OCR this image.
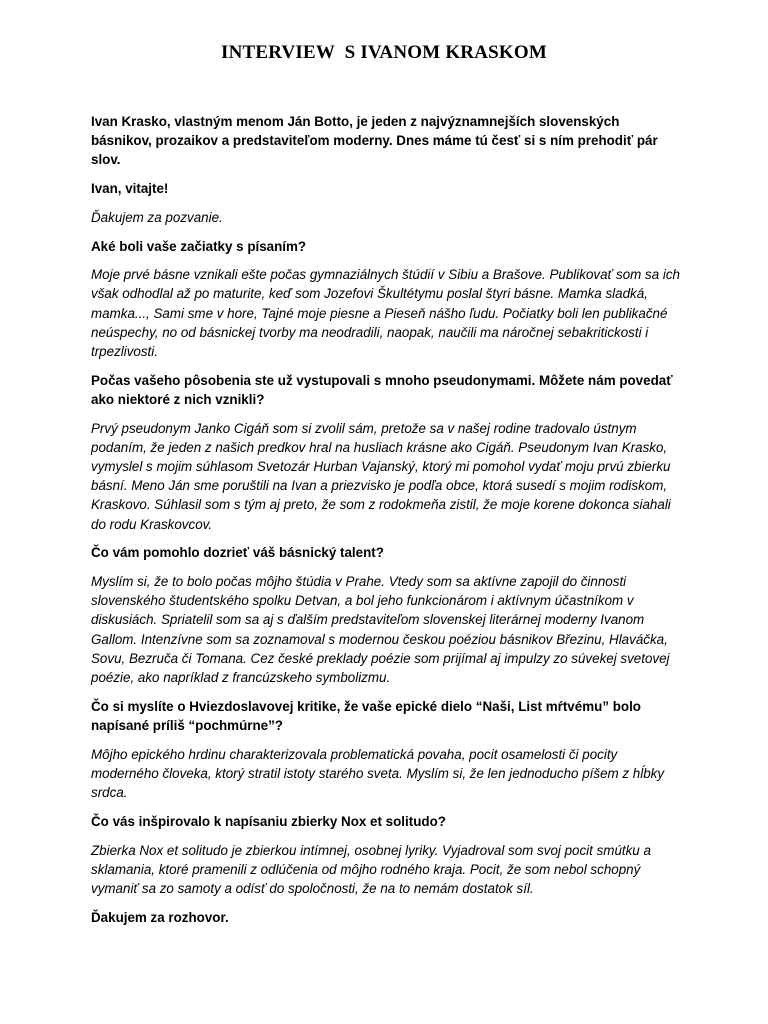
INTERVIEW  S IVANOM KRASKOM

Ivan Krasko, vlastným menom Ján Botto, je jeden z najvýznamnejších slovenských básnikov, prozaikov a predstaviteľom moderny. Dnes máme tú česť si s ním prehodiť pár slov.

Ivan, vitajte!

Ďakujem za pozvanie.

Aké boli vaše začiatky s písaním?

Moje prvé básne vznikali ešte počas gymnaziálnych štúdií v Sibiu a Brašove. Publikovať som sa ich však odhodlal až po maturite, keď som Jozefovi Škultétymu poslal štyri básne. Mamka sladká, mamka..., Sami sme v hore, Tajné moje piesne a Pieseň nášho ľudu. Počiatky boli len publikačné neúspechy, no od básnickej tvorby ma neodradili, naopak, naučili ma náročnej sebakritickosti i trpezlivosti.

Počas vašeho pôsobenia ste už vystupovali s mnoho pseudonymami. Môžete nám povedať ako niektoré z nich vznikli?

Prvý pseudonym Janko Cigáň som si zvolil sám, pretože sa v našej rodine tradovalo ústnym podaním, že jeden z našich predkov hral na husliach krásne ako Cigáň. Pseudonym Ivan Krasko, vymyslel s mojim súhlasom Svetozár Hurban Vajanský, ktorý mi pomohol vydať moju prvú zbierku básní. Meno Ján sme poruštili na Ivan a priezvisko je podľa obce, ktorá susedí s mojim rodiskom, Kraskovo. Súhlasil som s tým aj preto, že som z rodokmeňa zistil, že moje korene dokonca siahali do rodu Kraskovcov.

Čo vám pomohlo dozrieť váš básnický talent?

Myslím si, že to bolo počas môjho štúdia v Prahe. Vtedy som sa aktívne zapojil do činnosti slovenského študentského spolku Detvan, a bol jeho funkcionárom i aktívnym účastníkom v diskusiách. Spriatelil som sa aj s ďalším predstaviteľom slovenskej literárnej moderny Ivanom Gallom. Intenzívne som sa zoznamoval s modernou českou poéziou básnikov Březinu, Hlaváčka, Sovu, Bezruča či Tomana. Cez české preklady poézie som prijímal aj impulzy zo súvekej svetovej poézie, ako napríklad z francúzskeho symbolizmu.

Čo si myslíte o Hviezdoslavovej kritike, že vaše epické dielo “Naši, List mŕtvému” bolo napísané príliš “pochmúrne”?

Môjho epického hrdinu charakterizovala problematická povaha, pocit osamelosti či pocity moderného človeka, ktorý stratil istoty starého sveta. Myslím si, že len jednoducho píšem z hĺbky srdca.

Čo vás inšpirovalo k napísaniu zbierky Nox et solitudo?

Zbierka Nox et solitudo je zbierkou intímnej, osobnej lyriky. Vyjadroval som svoj pocit smútku a sklamania, ktoré pramenili z odlúčenia od môjho rodného kraja. Pocit, že som nebol schopný vymaniť sa zo samoty a odísť do spoločnosti, že na to nemám dostatok síl.

Ďakujem za rozhovor.
